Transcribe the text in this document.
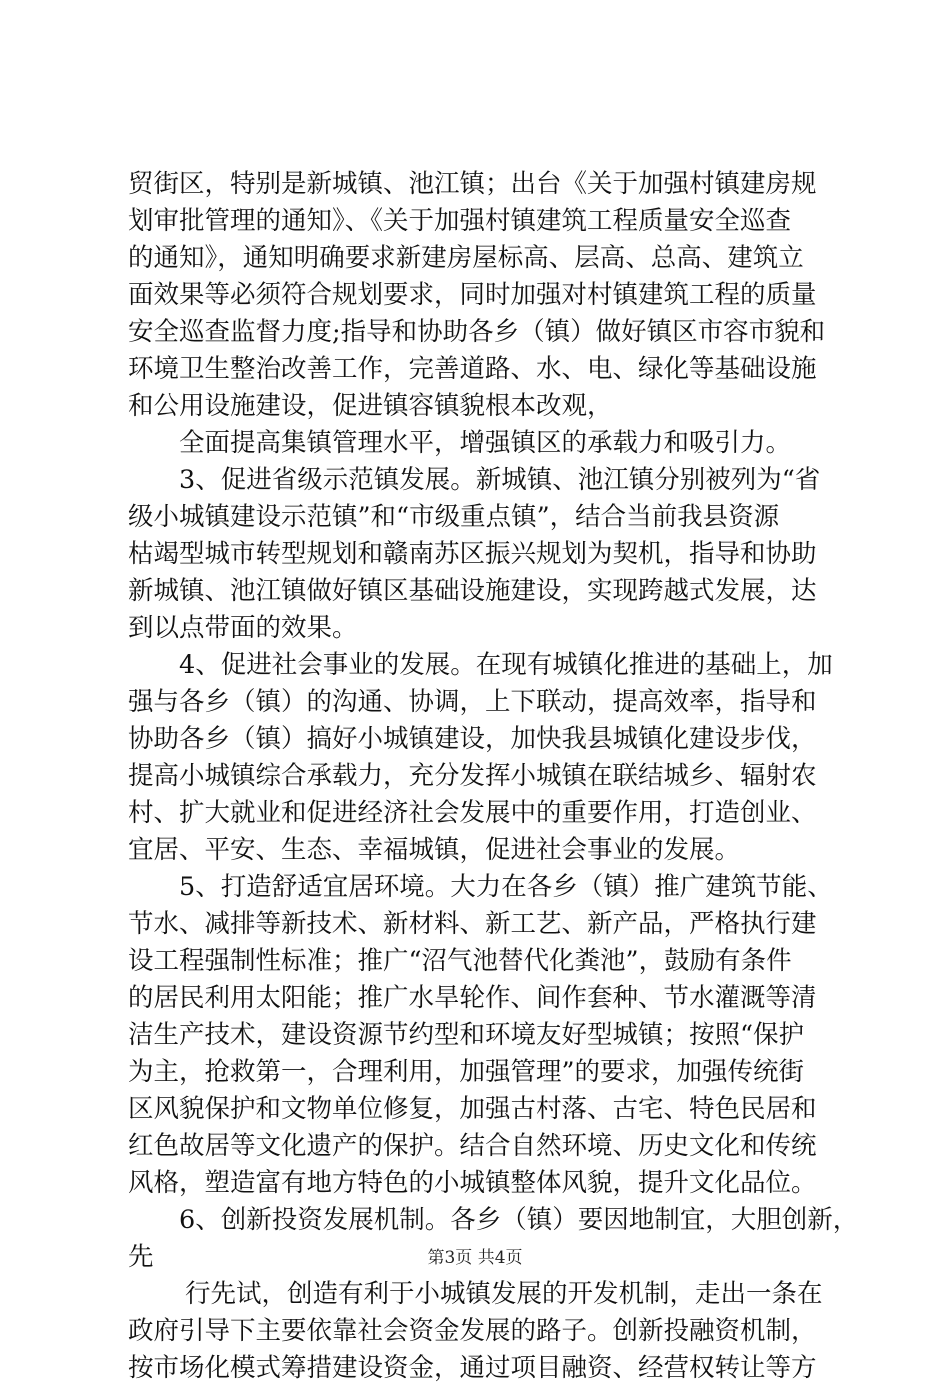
贸街区，特别是新城镇、池江镇；出台《关于加强村镇建房规
划审批管理的通知》、《关于加强村镇建筑工程质量安全巡查
的通知》，通知明确要求新建房屋标高、层高、总高、建筑立
面效果等必须符合规划要求，同时加强对村镇建筑工程的质量
安全巡查监督力度;指导和协助各乡（镇）做好镇区市容市貌和
环境卫生整治改善工作，完善道路、水、电、绿化等基础设施
和公用设施建设，促进镇容镇貌根本改观，
全面提高集镇管理水平，增强镇区的承载力和吸引力。
3、促进省级示范镇发展。新城镇、池江镇分别被列为“省
级小城镇建设示范镇”和“市级重点镇”，结合当前我县资源
枯竭型城市转型规划和赣南苏区振兴规划为契机，指导和协助
新城镇、池江镇做好镇区基础设施建设，实现跨越式发展，达
到以点带面的效果。
4、促进社会事业的发展。在现有城镇化推进的基础上，加
强与各乡（镇）的沟通、协调，上下联动，提高效率，指导和
协助各乡（镇）搞好小城镇建设，加快我县城镇化建设步伐，
提高小城镇综合承载力，充分发挥小城镇在联结城乡、辐射农
村、扩大就业和促进经济社会发展中的重要作用，打造创业、
宜居、平安、生态、幸福城镇，促进社会事业的发展。
5、打造舒适宜居环境。大力在各乡（镇）推广建筑节能、
节水、减排等新技术、新材料、新工艺、新产品，严格执行建
设工程强制性标准；推广“沼气池替代化粪池”，鼓励有条件
的居民利用太阳能；推广水旱轮作、间作套种、节水灌溉等清
洁生产技术，建设资源节约型和环境友好型城镇；按照“保护
为主，抢救第一，合理利用，加强管理”的要求，加强传统街
区风貌保护和文物单位修复，加强古村落、古宅、特色民居和
红色故居等文化遗产的保护。结合自然环境、历史文化和传统
风格，塑造富有地方特色的小城镇整体风貌，提升文化品位。
6、创新投资发展机制。各乡（镇）要因地制宜，大胆创新，
先
行先试，创造有利于小城镇发展的开发机制，走出一条在
政府引导下主要依靠社会资金发展的路子。创新投融资机制，
按市场化模式筹措建设资金，通过项目融资、经营权转让等方
第3页 共4页
